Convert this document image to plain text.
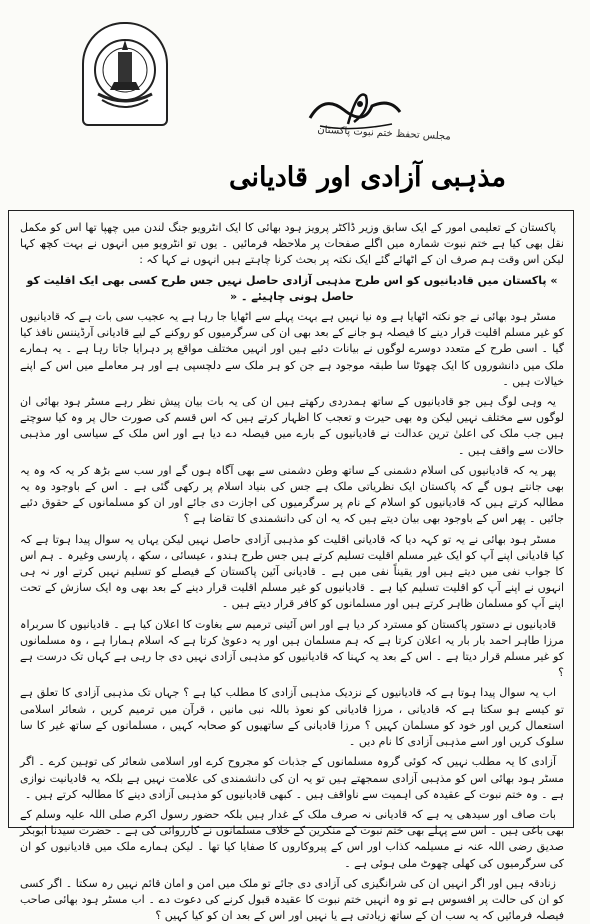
مجلس تحفظ ختم نبوت پاکستان
مذہبی آزادی اور قادیانی

پاکستان کے تعلیمی امور کے ایک سابق وزیر ڈاکٹر پرویز ہود بھائی کا ایک انٹرویو جنگ لندن میں چھپا تھا اس کو مکمل نقل بھی کیا ہے ختم نبوت شمارہ میں اگلے صفحات پر ملاحظہ فرمائیں ۔ یوں تو انٹرویو میں انہوں نے بہت کچھ کہا لیکن اس وقت ہم صرف ان کے اٹھائے گئے ایک نکتہ پر بحث کرنا چاہتے ہیں انہوں نے کہا کہ :

» پاکستان میں قادیانیوں کو اس طرح مذہبی آزادی حاصل نہیں جس طرح کسی بھی ایک اقلیت کو حاصل ہونی چاہیئے ۔ «

مسٹر ہود بھائی نے جو نکتہ اٹھایا ہے وہ نیا نہیں ہے بہت پہلے سے اٹھایا جا رہا ہے یہ عجیب سی بات ہے کہ قادیانیوں کو غیر مسلم اقلیت قرار دینے کا فیصلہ ہو جانے کے بعد بھی ان کی سرگرمیوں کو روکنے کے لیے قادیانی آرڈیننس نافذ کیا گیا ۔ اسی طرح کے متعدد دوسرے لوگوں نے بیانات دئیے ہیں اور انہیں مختلف مواقع پر دہرایا جاتا رہا ہے ۔ یہ ہمارے ملک میں دانشوروں کا ایک چھوٹا سا طبقہ موجود ہے جن کو ہر ملک سے دلچسپی ہے اور ہر معاملے میں اس کے اپنے خیالات ہیں ۔

یہ وہی لوگ ہیں جو قادیانیوں کے ساتھ ہمدردی رکھتے ہیں ان کی یہ بات بیان پیش نظر رہے مسٹر ہود بھائی ان لوگوں سے مختلف نہیں لیکن وہ بھی حیرت و تعجب کا اظہار کرتے ہیں کہ اس قسم کی صورت حال پر وہ کیا سوچتے ہیں جب ملک کی اعلیٰ ترین عدالت نے قادیانیوں کے بارے میں فیصلہ دے دیا ہے اور اس ملک کے سیاسی اور مذہبی حالات سے واقف ہیں ۔

پھر یہ کہ قادیانیوں کی اسلام دشمنی کے ساتھ وطن دشمنی سے بھی آگاہ ہوں گے اور سب سے بڑھ کر یہ کہ وہ یہ بھی جانتے ہوں گے کہ پاکستان ایک نظریاتی ملک ہے جس کی بنیاد اسلام پر رکھی گئی ہے ۔ اس کے باوجود وہ یہ مطالبہ کرتے ہیں کہ قادیانیوں کو اسلام کے نام پر سرگرمیوں کی اجازت دی جائے اور ان کو مسلمانوں کے حقوق دئیے جائیں ۔ پھر اس کے باوجود بھی بیان دیتے ہیں کہ یہ ان کی دانشمندی کا تقاضا ہے ؟

مسٹر ہود بھائی نے یہ تو کہہ دیا کہ قادیانی اقلیت کو مذہبی آزادی حاصل نہیں لیکن یہاں یہ سوال پیدا ہوتا ہے کہ کیا قادیانی اپنے آپ کو ایک غیر مسلم اقلیت تسلیم کرتے ہیں جس طرح ہندو ، عیسائی ، سکھ ، پارسی وغیرہ ۔ ہم اس کا جواب نفی میں دیتے ہیں اور یقیناً نفی میں ہے ۔ قادیانی آئین پاکستان کے فیصلے کو تسلیم نہیں کرتے اور نہ ہی انہوں نے اپنے آپ کو اقلیت تسلیم کیا ہے ۔ قادیانیوں کو غیر مسلم اقلیت قرار دینے کے بعد بھی وہ ایک سازش کے تحت اپنے آپ کو مسلمان ظاہر کرتے ہیں اور مسلمانوں کو کافر قرار دیتے ہیں ۔

قادیانیوں نے دستور پاکستان کو مسترد کر دیا ہے اور اس آئینی ترمیم سے بغاوت کا اعلان کیا ہے ۔ قادیانیوں کا سربراہ مرزا طاہر احمد بار بار یہ اعلان کرتا ہے کہ ہم مسلمان ہیں اور یہ دعویٰ کرتا ہے کہ اسلام ہمارا ہے ، وہ مسلمانوں کو غیر مسلم قرار دیتا ہے ۔ اس کے بعد یہ کہنا کہ قادیانیوں کو مذہبی آزادی نہیں دی جا رہی ہے کہاں تک درست ہے ؟

اب یہ سوال پیدا ہوتا ہے کہ قادیانیوں کے نزدیک مذہبی آزادی کا مطلب کیا ہے ؟ جہاں تک مذہبی آزادی کا تعلق ہے تو کیسے ہو سکتا ہے کہ قادیانی ، مرزا قادیانی کو نعوذ باللہ نبی مانیں ، قرآن میں ترمیم کریں ، شعائر اسلامی استعمال کریں اور خود کو مسلمان کہیں ؟ مرزا قادیانی کے ساتھیوں کو صحابہ کہیں ، مسلمانوں کے ساتھ غیر کا سا سلوک کریں اور اسے مذہبی آزادی کا نام دیں ۔

آزادی کا یہ مطلب نہیں کہ کوئی گروہ مسلمانوں کے جذبات کو مجروح کرے اور اسلامی شعائر کی توہین کرے ۔ اگر مسٹر ہود بھائی اس کو مذہبی آزادی سمجھتے ہیں تو یہ ان کی دانشمندی کی علامت نہیں ہے بلکہ یہ قادیانیت نوازی ہے ۔ وہ ختم نبوت کے عقیدہ کی اہمیت سے ناواقف ہیں ۔ کبھی قادیانیوں کو مذہبی آزادی دینے کا مطالبہ کرتے ہیں ۔

بات صاف اور سیدھی یہ ہے کہ قادیانی نہ صرف ملک کے غدار ہیں بلکہ حضور رسول اکرم صلی اللہ علیہ وسلم کے بھی باغی ہیں ۔ اس سے پہلے بھی ختم نبوت کے منکرین کے خلاف مسلمانوں نے کارروائی کی ہے ۔ حضرت سیدنا ابوبکر صدیق رضی اللہ عنہ نے مسیلمہ کذاب اور اس کے پیروکاروں کا صفایا کیا تھا ۔ لیکن ہمارے ملک میں قادیانیوں کو ان کی سرگرمیوں کی کھلی چھوٹ ملی ہوئی ہے ۔

زنادقہ ہیں اور اگر انہیں ان کی شرانگیزی کی آزادی دی جائے تو ملک میں امن و امان قائم نہیں رہ سکتا ۔ اگر کسی کو ان کی حالت پر افسوس ہے تو وہ انہیں ختم نبوت کا عقیدہ قبول کرنے کی دعوت دے ۔ اب مسٹر ہود بھائی صاحب فیصلہ فرمائیں کہ یہ سب ان کے ساتھ زیادتی ہے یا نہیں اور اس کے بعد ان کو کیا کہیں ؟
